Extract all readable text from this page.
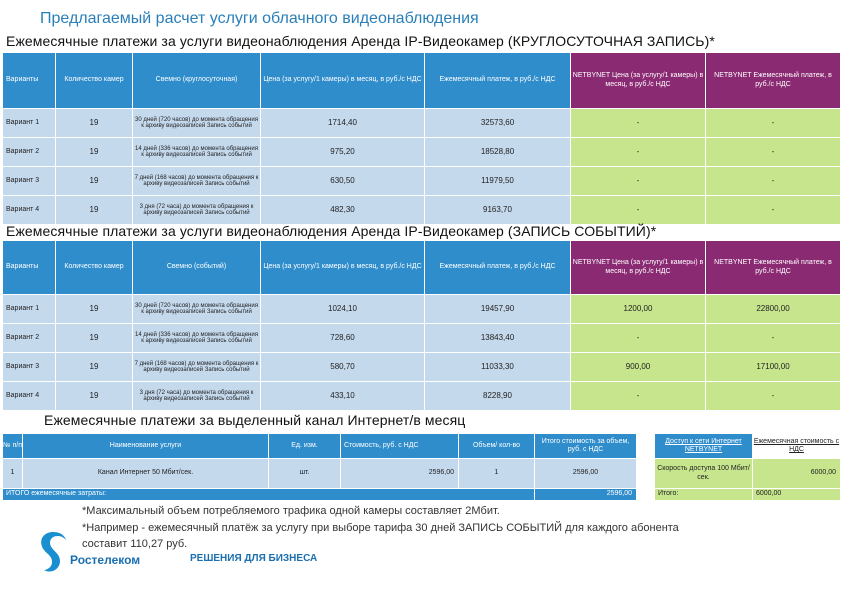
Предлагаемый расчет услуги облачного видеонаблюдения
Ежемесячные платежи за услуги видеонаблюдения Аренда IP-Видеокамер (КРУГЛОСУТОЧНАЯ ЗАПИСЬ)*
Варианты	Количество камер	Свемно (круглосуточная)	Цена (за услугу/1 камеры) в месяц, в руб./с НДС	Ежемесячный платеж, в руб./с НДС	NETBYNET Цена (за услугу/1 камеры) в месяц, в руб./с НДС	NETBYNET Ежемесячный платеж, в руб./с НДС
Вариант 1	19	30 дней (720 часов) до момента обращения к архиву видеозаписей Запись событий	1714,40	32573,60	-	-
Вариант 2	19	14 дней (336 часов) до момента обращения к архиву видеозаписей Запись событий	975,20	18528,80	-	-
Вариант 3	19	7 дней (168 часов) до момента обращения к архиву видеозаписей Запись событий	630,50	11979,50	-	-
Вариант 4	19	3 дня (72 часа) до момента обращения к архиву видеозаписей Запись событий	482,30	9163,70	-	-
Ежемесячные платежи за услуги видеонаблюдения Аренда IP-Видеокамер (ЗАПИСЬ СОБЫТИЙ)*
Варианты	Количество камер	Свемно (событий)	Цена (за услугу/1 камеры) в месяц, в руб./с НДС	Ежемесячный платеж, в руб./с НДС	NETBYNET Цена (за услугу/1 камеры) в месяц, в руб./с НДС	NETBYNET Ежемесячный платеж, в руб./с НДС
Вариант 1	19	30 дней (720 часов) до момента обращения к архиву видеозаписей Запись событий	1024,10	19457,90	1200,00	22800,00
Вариант 2	19	14 дней (336 часов) до момента обращения к архиву видеозаписей Запись событий	728,60	13843,40	-	-
Вариант 3	19	7 дней (168 часов) до момента обращения к архиву видеозаписей Запись событий	580,70	11033,30	900,00	17100,00
Вариант 4	19	3 дня (72 часа) до момента обращения к архиву видеозаписей Запись событий	433,10	8228,90	-	-
Ежемесячные платежи за выделенный канал Интернет/в месяц
№ п/п	Наименование услуги	Ед. изм.	Стоимость, руб. с НДС	Объем/ кол-во	Итого стоимость за объем, руб. с НДС		Доступ к сети Интернет NETBYNET	Ежемесячная стоимость с НДС
1	Канал Интернет 50 Мбит/сек.	шт.	2596,00	1	2596,00		Скорость доступа 100 Мбит/сек.	6000,00
ИТОГО ежемесячные затраты:					2596,00		Итого:	6000,00
*Максимальный объем потребляемого трафика одной камеры составляет 2Мбит.
*Например - ежемесячный платёж за услугу при выборе тарифа 30 дней ЗАПИСЬ СОБЫТИЙ для каждого абонента
составит 110,27 руб.
Ростелеком	РЕШЕНИЯ ДЛЯ БИЗНЕСА
